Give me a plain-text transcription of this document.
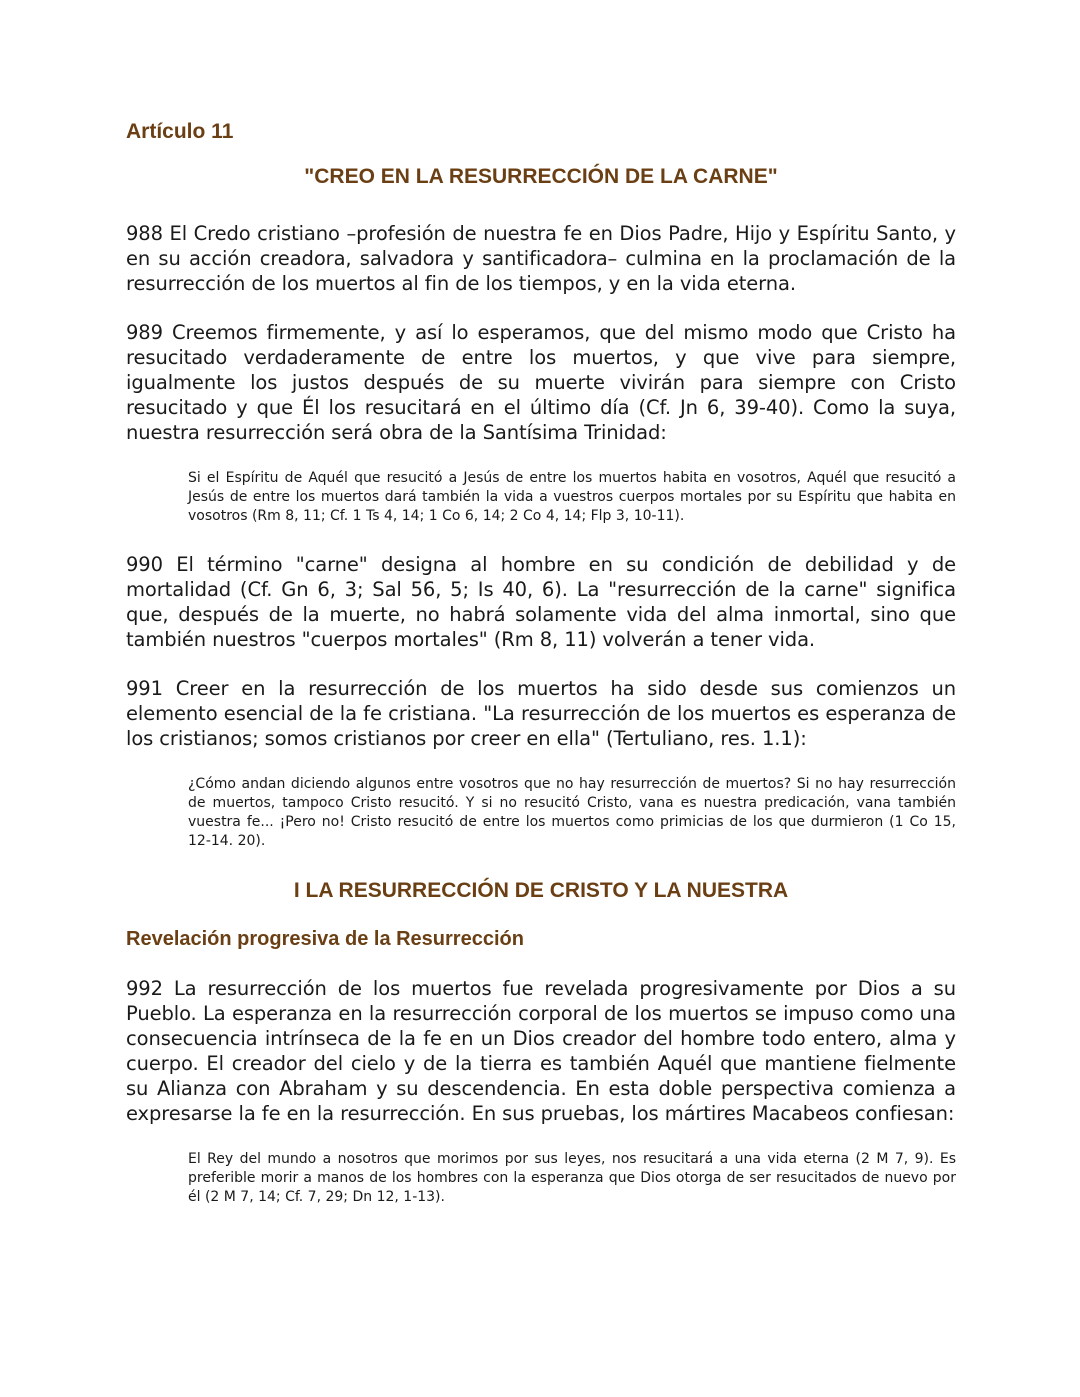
Artículo 11
"CREO EN LA RESURRECCIÓN DE LA CARNE"

988 El Credo cristiano –profesión de nuestra fe en Dios Padre, Hijo y Espíritu Santo, y en su acción creadora, salvadora y santificadora– culmina en la proclamación de la resurrección de los muertos al fin de los tiempos, y en la vida eterna.

989 Creemos firmemente, y así lo esperamos, que del mismo modo que Cristo ha resucitado verdaderamente de entre los muertos, y que vive para siempre, igualmente los justos después de su muerte vivirán para siempre con Cristo resucitado y que Él los resucitará en el último día (Cf. Jn 6, 39-40). Como la suya, nuestra resurrección será obra de la Santísima Trinidad:

Si el Espíritu de Aquél que resucitó a Jesús de entre los muertos habita en vosotros, Aquél que resucitó a Jesús de entre los muertos dará también la vida a vuestros cuerpos mortales por su Espíritu que habita en vosotros (Rm 8, 11; Cf. 1 Ts 4, 14; 1 Co 6, 14; 2 Co 4, 14; Flp 3, 10-11).

990 El término "carne" designa al hombre en su condición de debilidad y de mortalidad (Cf. Gn 6, 3; Sal 56, 5; Is 40, 6). La "resurrección de la carne" significa que, después de la muerte, no habrá solamente vida del alma inmortal, sino que también nuestros "cuerpos mortales" (Rm 8, 11) volverán a tener vida.

991 Creer en la resurrección de los muertos ha sido desde sus comienzos un elemento esencial de la fe cristiana. "La resurrección de los muertos es esperanza de los cristianos; somos cristianos por creer en ella" (Tertuliano, res. 1.1):

¿Cómo andan diciendo algunos entre vosotros que no hay resurrección de muertos? Si no hay resurrección de muertos, tampoco Cristo resucitó. Y si no resucitó Cristo, vana es nuestra predicación, vana también vuestra fe... ¡Pero no! Cristo resucitó de entre los muertos como primicias de los que durmieron (1 Co 15, 12-14. 20).

I LA RESURRECCIÓN DE CRISTO Y LA NUESTRA
Revelación progresiva de la Resurrección

992 La resurrección de los muertos fue revelada progresivamente por Dios a su Pueblo. La esperanza en la resurrección corporal de los muertos se impuso como una consecuencia intrínseca de la fe en un Dios creador del hombre todo entero, alma y cuerpo. El creador del cielo y de la tierra es también Aquél que mantiene fielmente su Alianza con Abraham y su descendencia. En esta doble perspectiva comienza a expresarse la fe en la resurrección. En sus pruebas, los mártires Macabeos confiesan:

El Rey del mundo a nosotros que morimos por sus leyes, nos resucitará a una vida eterna (2 M 7, 9). Es preferible morir a manos de los hombres con la esperanza que Dios otorga de ser resucitados de nuevo por él (2 M 7, 14; Cf. 7, 29; Dn 12, 1-13).
